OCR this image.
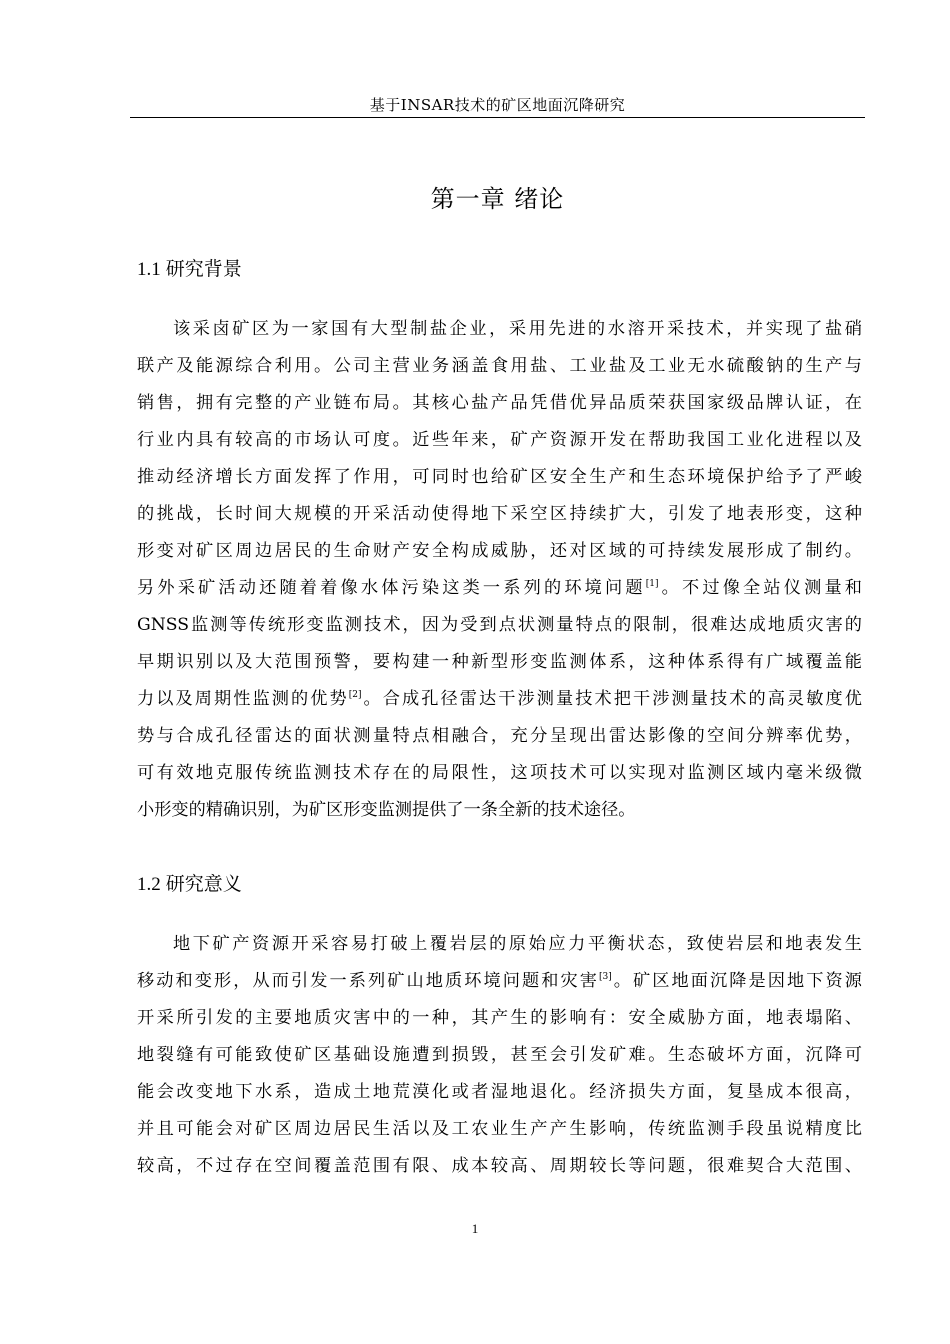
基于INSAR技术的矿区地面沉降研究
第一章 绪论
1.1 研究背景
该采卤矿区为一家国有大型制盐企业，采用先进的水溶开采技术，并实现了盐硝
联产及能源综合利用。公司主营业务涵盖食用盐、工业盐及工业无水硫酸钠的生产与
销售，拥有完整的产业链布局。其核心盐产品凭借优异品质荣获国家级品牌认证，在
行业内具有较高的市场认可度。近些年来，矿产资源开发在帮助我国工业化进程以及
推动经济增长方面发挥了作用，可同时也给矿区安全生产和生态环境保护给予了严峻
的挑战，长时间大规模的开采活动使得地下采空区持续扩大，引发了地表形变，这种
形变对矿区周边居民的生命财产安全构成威胁，还对区域的可持续发展形成了制约。
另外采矿活动还随着着像水体污染这类一系列的环境问题[1]。不过像全站仪测量和
GNSS监测等传统形变监测技术，因为受到点状测量特点的限制，很难达成地质灾害的
早期识别以及大范围预警，要构建一种新型形变监测体系，这种体系得有广域覆盖能
力以及周期性监测的优势[2]。合成孔径雷达干涉测量技术把干涉测量技术的高灵敏度优
势与合成孔径雷达的面状测量特点相融合，充分呈现出雷达影像的空间分辨率优势，
可有效地克服传统监测技术存在的局限性，这项技术可以实现对监测区域内毫米级微
小形变的精确识别，为矿区形变监测提供了一条全新的技术途径。
1.2 研究意义
地下矿产资源开采容易打破上覆岩层的原始应力平衡状态，致使岩层和地表发生
移动和变形，从而引发一系列矿山地质环境问题和灾害[3]。矿区地面沉降是因地下资源
开采所引发的主要地质灾害中的一种，其产生的影响有：安全威胁方面，地表塌陷、
地裂缝有可能致使矿区基础设施遭到损毁，甚至会引发矿难。生态破坏方面，沉降可
能会改变地下水系，造成土地荒漠化或者湿地退化。经济损失方面，复垦成本很高，
并且可能会对矿区周边居民生活以及工农业生产产生影响，传统监测手段虽说精度比
较高，不过存在空间覆盖范围有限、成本较高、周期较长等问题，很难契合大范围、
1
